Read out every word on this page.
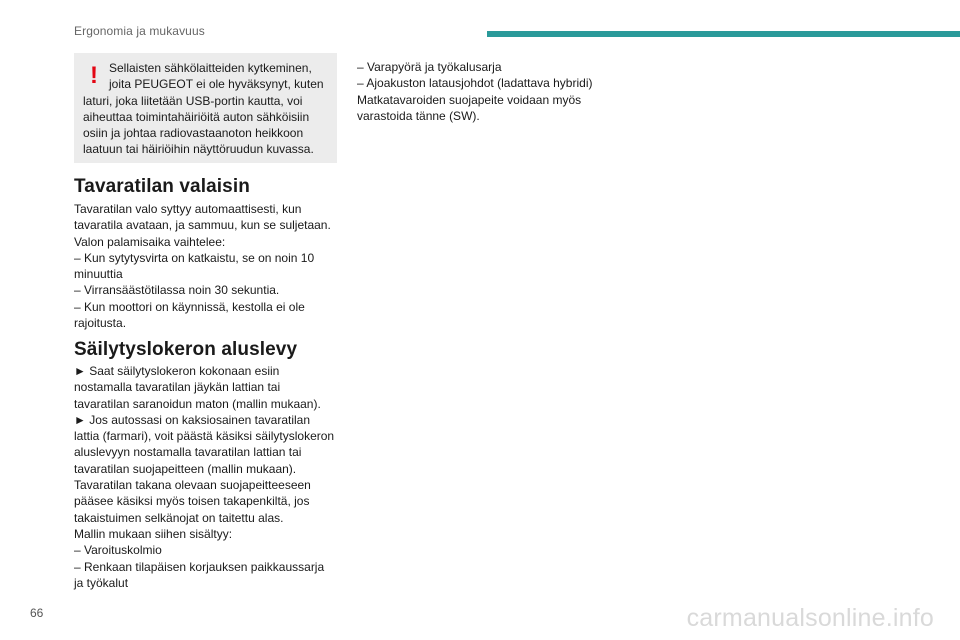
Ergonomia ja mukavuus
! Sellaisten sähkölaitteiden kytkeminen,

joita PEUGEOT ei ole hyväksynyt, kuten

laturi, joka liitetään USB-portin kautta, voi

aiheuttaa toimintahäiriöitä auton sähköisiin

osiin ja johtaa radiovastaanoton heikkoon

laatuun tai häiriöihin näyttöruudun kuvassa.

Tavaratilan valaisin

Tavaratilan valo syttyy automaattisesti, kun

tavaratila avataan, ja sammuu, kun se suljetaan.

Valon palamisaika vaihtelee:

– Kun sytytysvirta on katkaistu, se on noin 10

minuuttia

– Virransäästötilassa noin 30 sekuntia.

– Kun moottori on käynnissä, kestolla ei ole

rajoitusta.

Säilytyslokeron aluslevy

► Saat säilytyslokeron kokonaan esiin

nostamalla tavaratilan jäykän lattian tai

tavaratilan saranoidun maton (mallin mukaan).

► Jos autossasi on kaksiosainen tavaratilan

lattia (farmari), voit päästä käsiksi säilytyslokeron

aluslevyyn nostamalla tavaratilan lattian tai

tavaratilan suojapeitteen (mallin mukaan).

Tavaratilan takana olevaan suojapeitteeseen

pääsee käsiksi myös toisen takapenkiltä, jos

takaistuimen selkänojat on taitettu alas.

Mallin mukaan siihen sisältyy:

– Varoituskolmio

– Renkaan tilapäisen korjauksen paikkaussarja

ja työkalut

– Varapyörä ja työkalusarja

– Ajoakuston latausjohdot (ladattava hybridi)

Matkatavaroiden suojapeite voidaan myös

varastoida tänne (SW).

66	carmanualsonline.info
